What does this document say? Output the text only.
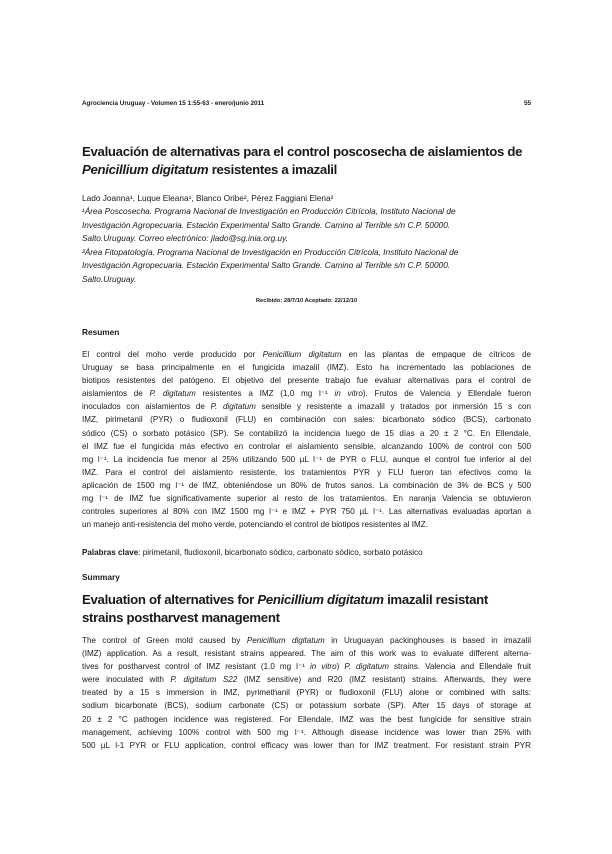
Agrociencia Uruguay - Volumen 15 1:55-63 - enero/junio 2011	55
Evaluación de alternativas para el control poscosecha de aislamientos de
Penicillium digitatum resistentes a imazalil
Lado Joanna¹, Luque Eleana¹, Blanco Oribe², Pérez Faggiani Elena²
¹Área Poscosecha. Programa Nacional de Investigación en Producción Citrícola, Instituto Nacional de
Investigación Agropecuaria. Estación Experimental Salto Grande. Camino al Terrible s/n C.P. 50000.
Salto.Uruguay. Correo electrónico: jlado@sg.inia.org.uy.
²Área Fitopatología. Programa Nacional de Investigación en Producción Citrícola, Instituto Nacional de
Investigación Agropecuaria. Estación Experimental Salto Grande. Camino al Terrible s/n C.P. 50000.
Salto.Uruguay.
Recibido: 28/7/10 Aceptado: 22/12/10
Resumen
El control del moho verde producido por Penicillium digitatum en las plantas de empaque de cítricos de
Uruguay se basa principalmente en el fungicida imazalil (IMZ). Esto ha incrementado las poblaciones de
biotipos resistentes del patógeno. El objetivo del presente trabajo fue evaluar alternativas para el control de
aislamientos de P. digitatum resistentes a IMZ (1,0 mg l⁻¹ in vitro). Frutos de Valencia y Ellendale fueron
inoculados con aislamientos de P. digitatum sensible y resistente a imazalil y tratados por inmersión 15 s con
IMZ, pirimetanil (PYR) o fludioxonil (FLU) en combinación con sales: bicarbonato sódico (BCS), carbonato
sódico (CS) o sorbato potásico (SP). Se contabilizó la incidencia luego de 15 días a 20 ± 2 °C. En Ellendale,
el IMZ fue el fungicida más efectivo en controlar el aislamiento sensible, alcanzando 100% de control con 500
mg l⁻¹. La incidencia fue menor al 25% utilizando 500 µL l⁻¹ de PYR o FLU, aunque el control fue inferior al del
IMZ. Para el control del aislamiento resistente, los tratamientos PYR y FLU fueron tan efectivos como la
aplicación de 1500 mg l⁻¹ de IMZ, obteniéndose un 80% de frutos sanos. La combinación de 3% de BCS y 500
mg l⁻¹ de IMZ fue significativamente superior al resto de los tratamientos. En naranja Valencia se obtuvieron
controles superiores al 80% con IMZ 1500 mg l⁻¹ e IMZ + PYR 750 µL l⁻¹. Las alternativas evaluadas aportan a
un manejo anti-resistencia del moho verde, potenciando el control de biotipos resistentes al IMZ.
Palabras clave: pirimetanil, fludioxonil, bicarbonato sódico, carbonato sódico, sorbato potásico
Summary
Evaluation of alternatives for Penicillium digitatum imazalil resistant
strains postharvest management
The control of Green mold caused by Penicillium digitatum in Uruguayan packinghouses is based in imazalil
(IMZ) application. As a result, resistant strains appeared. The aim of this work was to evaluate different alterna-
tives for postharvest control of IMZ resistant (1.0 mg l⁻¹ in vitro) P. digitatum strains. Valencia and Ellendale fruit
were inoculated with P. digitatum S22 (IMZ sensitive) and R20 (IMZ resistant) strains. Afterwards, they were
treated by a 15 s immersion in IMZ, pyrimethanil (PYR) or fludioxonil (FLU) alone or combined with salts:
sodium bicarbonate (BCS), sodium carbonate (CS) or potassium sorbate (SP). After 15 days of storage at
20 ± 2 °C pathogen incidence was registered. For Ellendale, IMZ was the best fungicide for sensitive strain
management, achieving 100% control with 500 mg l⁻¹. Although disease incidence was lower than 25% with
500 µL l-1 PYR or FLU application, control efficacy was lower than for IMZ treatment. For resistant strain PYR
